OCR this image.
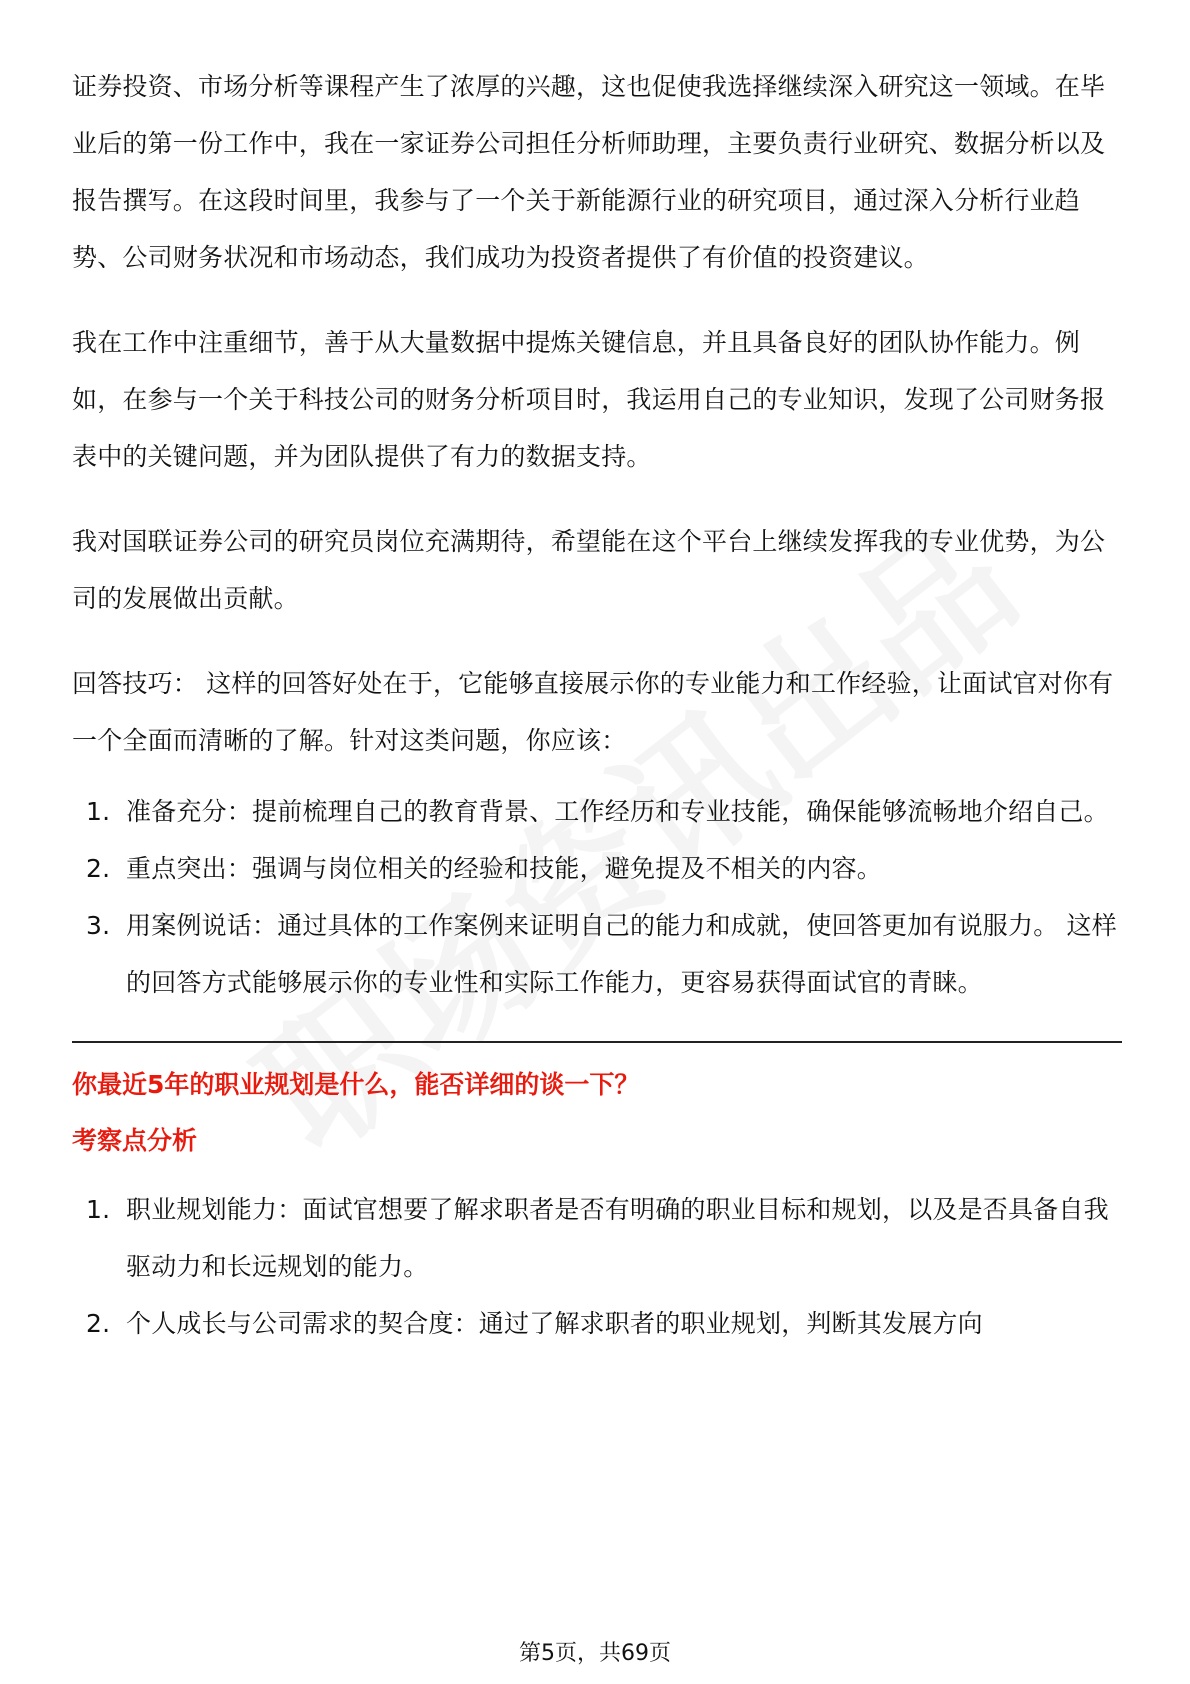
证券投资、市场分析等课程产生了浓厚的兴趣，这也促使我选择继续深入研究这一领域。在毕业后的第一份工作中，我在一家证券公司担任分析师助理，主要负责行业研究、数据分析以及报告撰写。在这段时间里，我参与了一个关于新能源行业的研究项目，通过深入分析行业趋势、公司财务状况和市场动态，我们成功为投资者提供了有价值的投资建议。

我在工作中注重细节，善于从大量数据中提炼关键信息，并且具备良好的团队协作能力。例如，在参与一个关于科技公司的财务分析项目时，我运用自己的专业知识，发现了公司财务报表中的关键问题，并为团队提供了有力的数据支持。

我对国联证券公司的研究员岗位充满期待，希望能在这个平台上继续发挥我的专业优势，为公司的发展做出贡献。

回答技巧： 这样的回答好处在于，它能够直接展示你的专业能力和工作经验，让面试官对你有一个全面而清晰的了解。针对这类问题，你应该：

1. 准备充分：提前梳理自己的教育背景、工作经历和专业技能，确保能够流畅地介绍自己。
2. 重点突出：强调与岗位相关的经验和技能，避免提及不相关的内容。
3. 用案例说话：通过具体的工作案例来证明自己的能力和成就，使回答更加有说服力。 这样的回答方式能够展示你的专业性和实际工作能力，更容易获得面试官的青睐。

你最近5年的职业规划是什么，能否详细的谈一下？

考察点分析

1. 职业规划能力：面试官想要了解求职者是否有明确的职业目标和规划，以及是否具备自我驱动力和长远规划的能力。
2. 个人成长与公司需求的契合度：通过了解求职者的职业规划，判断其发展方向
第5页，共69页
